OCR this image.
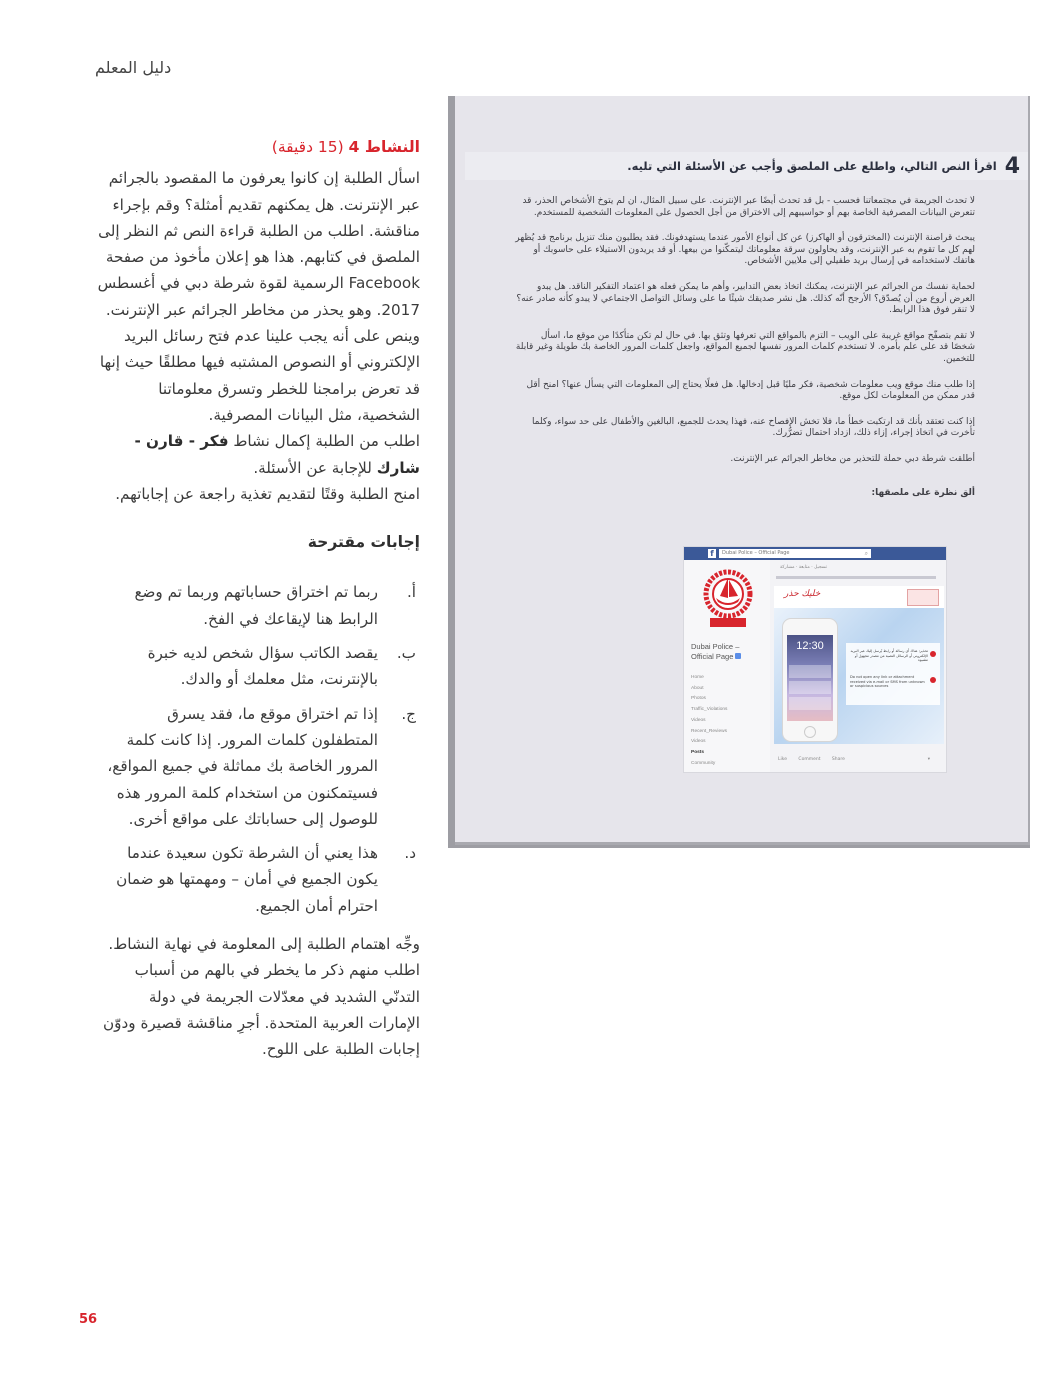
دليل المعلم
النشاط 4 (15 دقيقة)

اسأل الطلبة إن كانوا يعرفون ما المقصود بالجرائم عبر الإنترنت. هل يمكنهم تقديم أمثلة؟ وقم بإجراء مناقشة. اطلب من الطلبة قراءة النص ثم النظر إلى الملصق في كتابهم. هذا هو إعلان مأخوذ من صفحة Facebook الرسمية لقوة شرطة دبي في أغسطس 2017. وهو يحذر من مخاطر الجرائم عبر الإنترنت. وينص على أنه يجب علينا عدم فتح رسائل البريد الإلكتروني أو النصوص المشتبه فيها مطلقًا حيث إنها قد تعرض برامجنا للخطر وتسرق معلوماتنا الشخصية، مثل البيانات المصرفية.

اطلب من الطلبة إكمال نشاط فكر - قارن - شارك للإجابة عن الأسئلة.

امنح الطلبة وقتًا لتقديم تغذية راجعة عن إجاباتهم.

إجابات مقترحة
أ.
ربما تم اختراق حساباتهم وربما تم وضع الرابط هنا لإيقاعك في الفخ.
ب.
يقصد الكاتب سؤال شخص لديه خبرة بالإنترنت، مثل معلمك أو والدك.
ج.
إذا تم اختراق موقع ما، فقد يسرق المتطفلون كلمات المرور. إذا كانت كلمة المرور الخاصة بك مماثلة في جميع المواقع، فسيتمكنون من استخدام كلمة المرور هذه للوصول إلى حساباتك على مواقع أخرى.
د.
هذا يعني أن الشرطة تكون سعيدة عندما يكون الجميع في أمان – ومهمتها هو ضمان احترام أمان الجميع.

وجِّه اهتمام الطلبة إلى المعلومة في نهاية النشاط. اطلب منهم ذكر ما يخطر في بالهم من أسباب التدنّي الشديد في معدّلات الجريمة في دولة الإمارات العربية المتحدة. أجرِ مناقشة قصيرة ودوّن إجابات الطلبة على اللوح.

4
اقرأ النص التالي، واطلع على الملصق وأجب عن الأسئلة التي تليه.

لا تحدث الجريمة في مجتمعاتنا فحسب - بل قد تحدث أيضًا عبر الإنترنت. على سبيل المثال، ان لم يتوخ الأشخاص الحذر، قد تتعرض البيانات المصرفية الخاصة بهم أو حواسيبهم إلى الاختراق من أجل الحصول على المعلومات الشخصية للمستخدم.

يبحث قراصنة الإنترنت (المخترقون أو الهاكرز) عن كل أنواع الأمور عندما يستهدفونك. فقد يطلبون منك تنزيل برنامج قد يُظهر لهم كل ما تقوم به عبر الإنترنت، وقد يحاولون سرقة معلوماتك ليتمكّنوا من بيعها. أو قد يريدون الاستيلاء على حاسوبك أو هاتفك لاستخدامه في إرسال بريد طفيلي إلى ملايين الأشخاص.

لحماية نفسك من الجرائم عبر الإنترنت، يمكنك اتخاذ بعض التدابير، وأهم ما يمكن فعله هو اعتماد التفكير الناقد. هل يبدو العرض أروع من أن يُصدّق؟ الأرجح أنّه كذلك. هل نشر صديقك شيئًا ما على وسائل التواصل الاجتماعي لا يبدو كأنه صادر عنه؟ لا تنقر فوق هذا الرابط.

لا تقم بتصفّح مواقع غريبة على الويب – التزم بالمواقع التي تعرفها وتثق بها. في حال لم تكن متأكدًا من موقع ما، اسأل شخصًا قد على علم بأمره. لا تستخدم كلمات المرور نفسها لجميع المواقع، واجعل كلمات المرور الخاصة بك طويلة وغير قابلة للتخمين.

إذا طلب منك موقع ويب معلومات شخصية، فكر مليًا قبل إدخالها. هل فعلًا يحتاج إلى المعلومات التي يسأل عنها؟ امنح أقل قدر ممكن من المعلومات لكل موقع.

إذا كنت تعتقد بأنك قد ارتكبت خطأ ما، فلا تخش الإفصاح عنه، فهذا يحدث للجميع، البالغين والأطفال على حد سواء، وكلما تأخرت في اتخاذ إجراء، إزاء ذلك، ازداد احتمال تضرُّرك.

أطلقت شرطة دبي حملة للتحذير من مخاطر الجرائم عبر الإنترنت.

ألق نظرة على ملصقها:

f	Dubai Police – Official Page	⌕
Dubai Police –
Official Page
Home
About
Photos
Traffic_Violations
Videos
Recent_Reviews
Videos
Posts
Community
تسجيل · متابعة · مشاركة
خليك حذر
12:30	تحذير: هناك أي رسالة أو رابط يُرسل إليك عبر البريد الإلكتروني أو الرسائل النصية من مصدر مجهول أو مشبوه
Do not open any link or attachment received via e-mail or SMS from unknown or suspicious sources
Like	Comment	Share	▾
56
